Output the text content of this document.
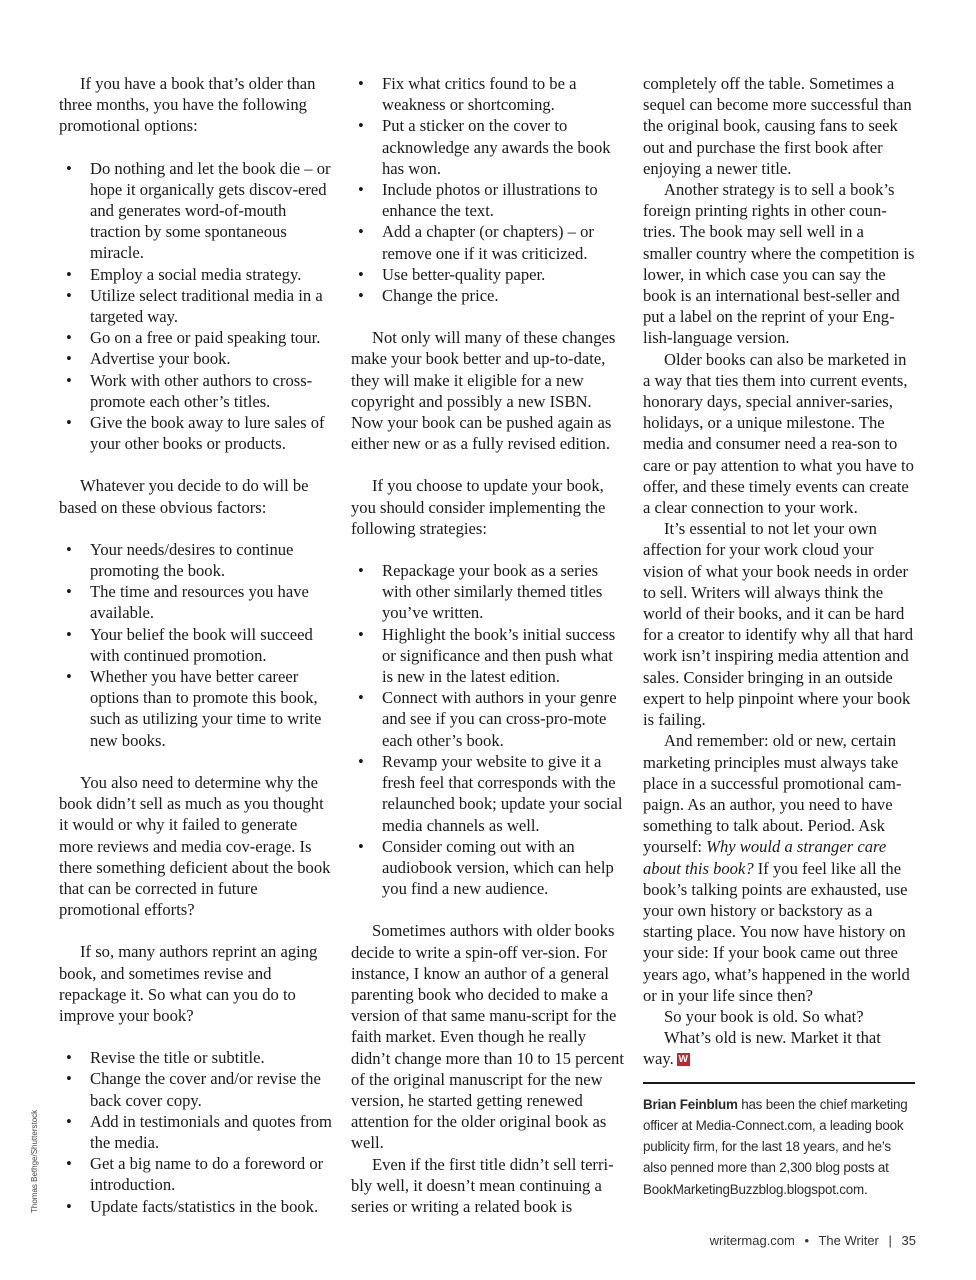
If you have a book that’s older than three months, you have the following promotional options:

• Do nothing and let the book die – or hope it organically gets discov-ered and generates word-of-mouth traction by some spontaneous miracle.
• Employ a social media strategy.
• Utilize select traditional media in a targeted way.
• Go on a free or paid speaking tour.
• Advertise your book.
• Work with other authors to cross-promote each other’s titles.
• Give the book away to lure sales of your other books or products.

Whatever you decide to do will be based on these obvious factors:

• Your needs/desires to continue promoting the book.
• The time and resources you have available.
• Your belief the book will succeed with continued promotion.
• Whether you have better career options than to promote this book, such as utilizing your time to write new books.

You also need to determine why the book didn’t sell as much as you thought it would or why it failed to generate more reviews and media cov-erage. Is there something deficient about the book that can be corrected in future promotional efforts?

If so, many authors reprint an aging book, and sometimes revise and repackage it. So what can you do to improve your book?

• Revise the title or subtitle.
• Change the cover and/or revise the back cover copy.
• Add in testimonials and quotes from the media.
• Get a big name to do a foreword or introduction.
• Update facts/statistics in the book.
• Fix what critics found to be a weakness or shortcoming.
• Put a sticker on the cover to acknowledge any awards the book has won.
• Include photos or illustrations to enhance the text.
• Add a chapter (or chapters) – or remove one if it was criticized.
• Use better-quality paper.
• Change the price.

Not only will many of these changes make your book better and up-to-date, they will make it eligible for a new copyright and possibly a new ISBN. Now your book can be pushed again as either new or as a fully revised edition.

If you choose to update your book, you should consider implementing the following strategies:

• Repackage your book as a series with other similarly themed titles you’ve written.
• Highlight the book’s initial success or significance and then push what is new in the latest edition.
• Connect with authors in your genre and see if you can cross-pro-mote each other’s book.
• Revamp your website to give it a fresh feel that corresponds with the relaunched book; update your social media channels as well.
• Consider coming out with an audiobook version, which can help you find a new audience.

Sometimes authors with older books decide to write a spin-off ver-sion. For instance, I know an author of a general parenting book who decided to make a version of that same manu-script for the faith market. Even though he really didn’t change more than 10 to 15 percent of the original manuscript for the new version, he started getting renewed attention for the older original book as well.

Even if the first title didn’t sell terri-bly well, it doesn’t mean continuing a series or writing a related book is

completely off the table. Sometimes a sequel can become more successful than the original book, causing fans to seek out and purchase the first book after enjoying a newer title.

Another strategy is to sell a book’s foreign printing rights in other coun-tries. The book may sell well in a smaller country where the competition is lower, in which case you can say the book is an international best-seller and put a label on the reprint of your Eng-lish-language version.

Older books can also be marketed in a way that ties them into current events, honorary days, special anniver-saries, holidays, or a unique milestone. The media and consumer need a rea-son to care or pay attention to what you have to offer, and these timely events can create a clear connection to your work.

It’s essential to not let your own affection for your work cloud your vision of what your book needs in order to sell. Writers will always think the world of their books, and it can be hard for a creator to identify why all that hard work isn’t inspiring media attention and sales. Consider bringing in an outside expert to help pinpoint where your book is failing.

And remember: old or new, certain marketing principles must always take place in a successful promotional cam-paign. As an author, you need to have something to talk about. Period. Ask yourself: Why would a stranger care about this book? If you feel like all the book’s talking points are exhausted, use your own history or backstory as a starting place. You now have history on your side: If your book came out three years ago, what’s happened in the world or in your life since then?

So your book is old. So what?

What’s old is new. Market it that way. W

Brian Feinblum has been the chief marketing officer at Media-Connect.com, a leading book publicity firm, for the last 18 years, and he’s also penned more than 2,300 blog posts at BookMarketingBuzzblog.blogspot.com.
Thomas Bethge/Shutterstock
writermag.com • The Writer | 35
